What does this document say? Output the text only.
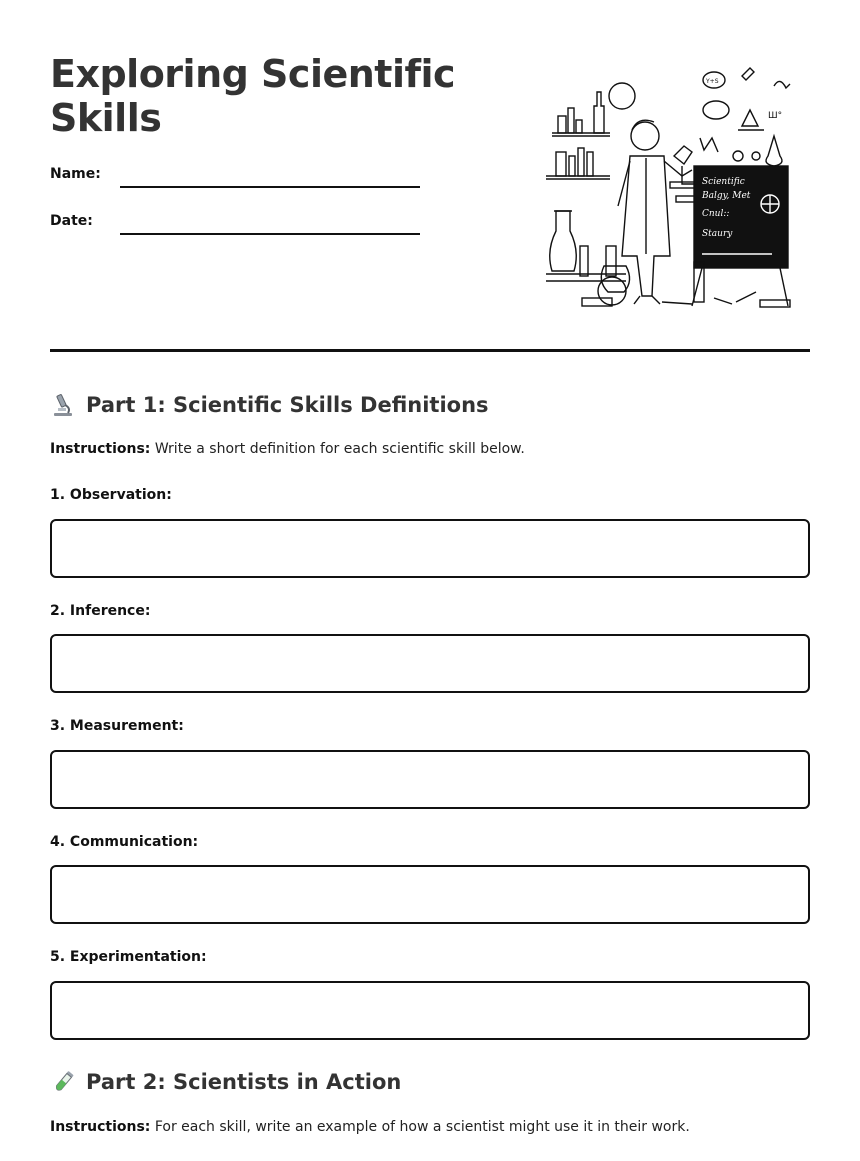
Exploring Scientific Skills
Name:
Date:
Scientific
Balgy, Met
Cnul::
Staury
Y+S
Ш°
Part 1: Scientific Skills Definitions
Instructions: Write a short definition for each scientific skill below.
1. Observation:
2. Inference:
3. Measurement:
4. Communication:
5. Experimentation:
Part 2: Scientists in Action
Instructions: For each skill, write an example of how a scientist might use it in their work.
